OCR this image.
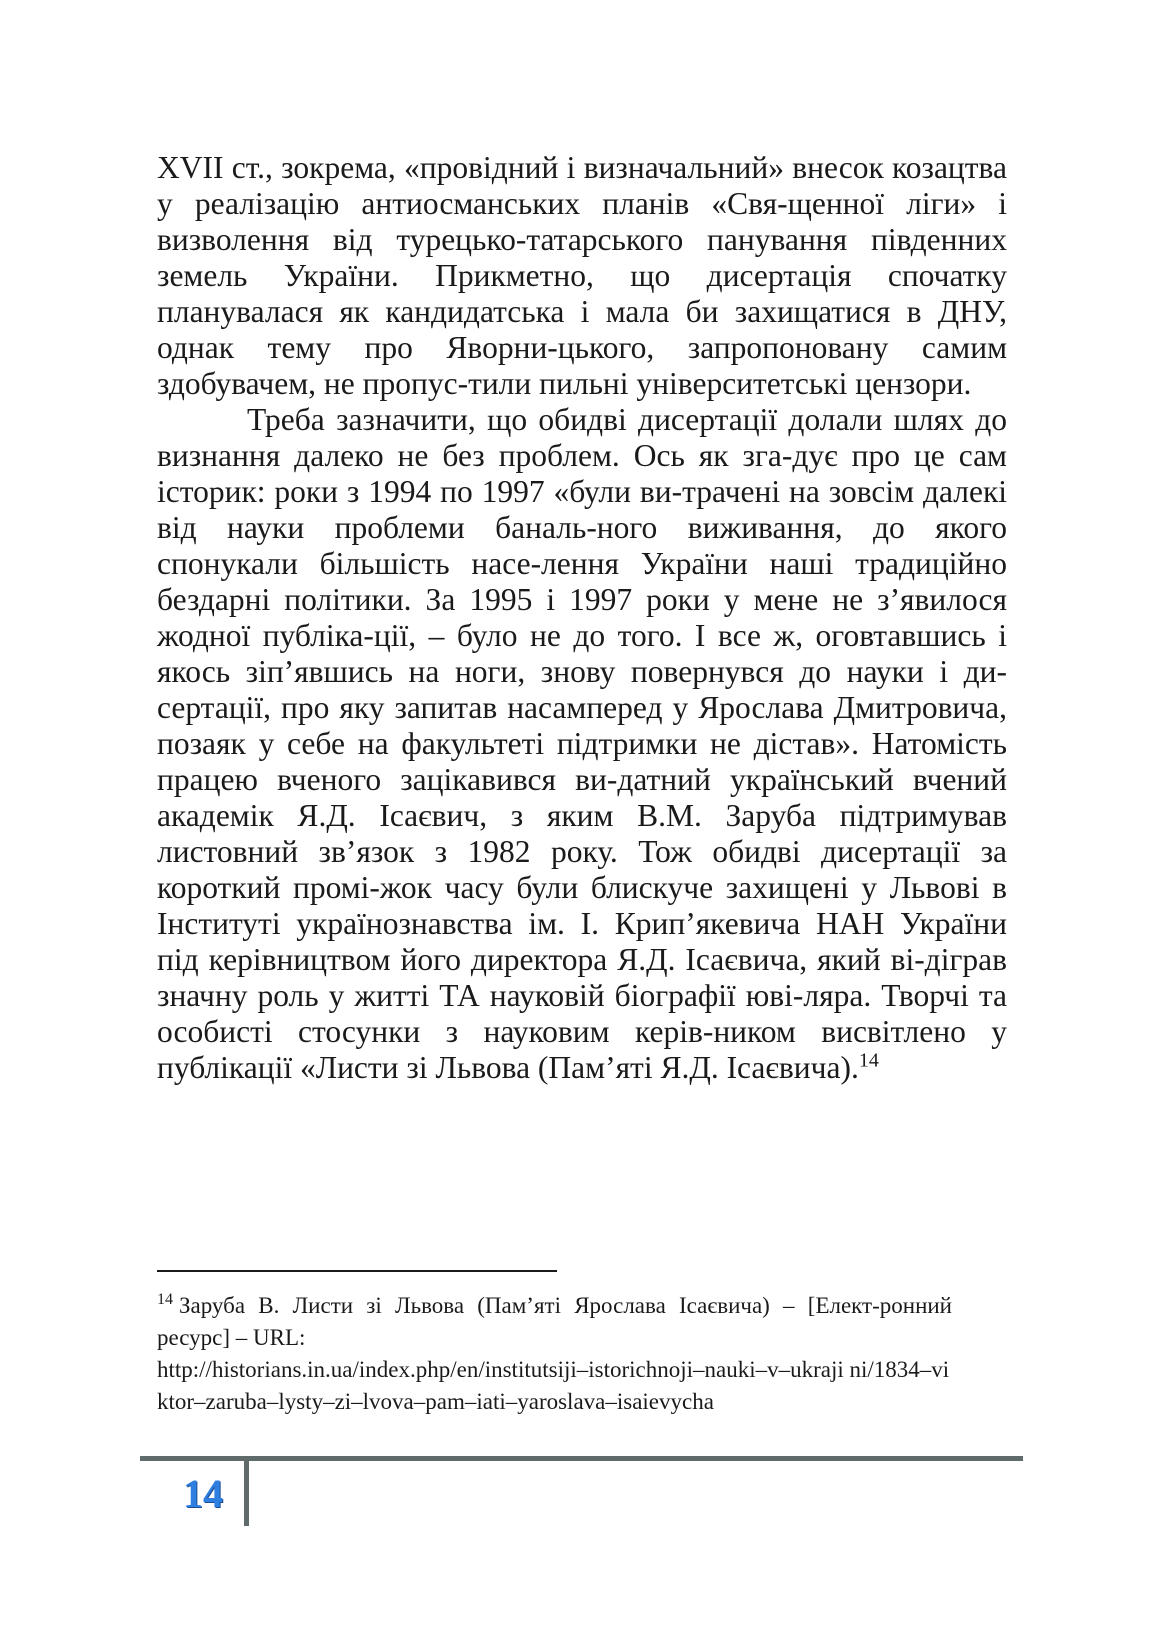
XVII ст., зокрема, «провідний і визначальний» внесок козацтва у реалізацію антиосманських планів «Свя-щенної ліги» і визволення від турецько-татарського панування південних земель України. Прикметно, що дисертація спочатку планувалася як кандидатська і мала би захищатися в ДНУ, однак тему про Яворни-цького, запропоновану самим здобувачем, не пропус-тили пильні університетські цензори.

Треба зазначити, що обидві дисертації долали шлях до визнання далеко не без проблем. Ось як зга-дує про це сам історик: роки з 1994 по 1997 «були ви-трачені на зовсім далекі від науки проблеми баналь-ного виживання, до якого спонукали більшість насе-лення України наші традиційно бездарні політики. За 1995 і 1997 роки у мене не з’явилося жодної публіка-ції, – було не до того. І все ж, оговтавшись і якось зіп’явшись на ноги, знову повернувся до науки і ди-сертації, про яку запитав насамперед у Ярослава Дмитровича, позаяк у себе на факультеті підтримки не дістав». Натомість працею вченого зацікавився ви-датний український вчений академік Я.Д. Ісаєвич, з яким В.М. Заруба підтримував листовний зв’язок з 1982 року. Тож обидві дисертації за короткий промі-жок часу були блискуче захищені у Львові в Інституті українознавства ім. І. Крип’якевича НАН України під керівництвом його директора Я.Д. Ісаєвича, який ві-діграв значну роль у житті ТА науковій біографії юві-ляра. Творчі та особисті стосунки з науковим керів-ником висвітлено у публікації «Листи зі Львова (Пам’яті Я.Д. Ісаєвича).$^{14}$

$^{14}$ Заруба В. Листи зі Львова (Пам’яті Ярослава Ісаєвича) – [Елект-ронний ресурс] – URL:
http://historians.in.ua/index.php/en/institutsiji–istorichnoji–nauki–v–ukraji ni/1834–viktor–zaruba–lysty–zi–lvova–pam–iati–yaroslava–isaievycha
14
